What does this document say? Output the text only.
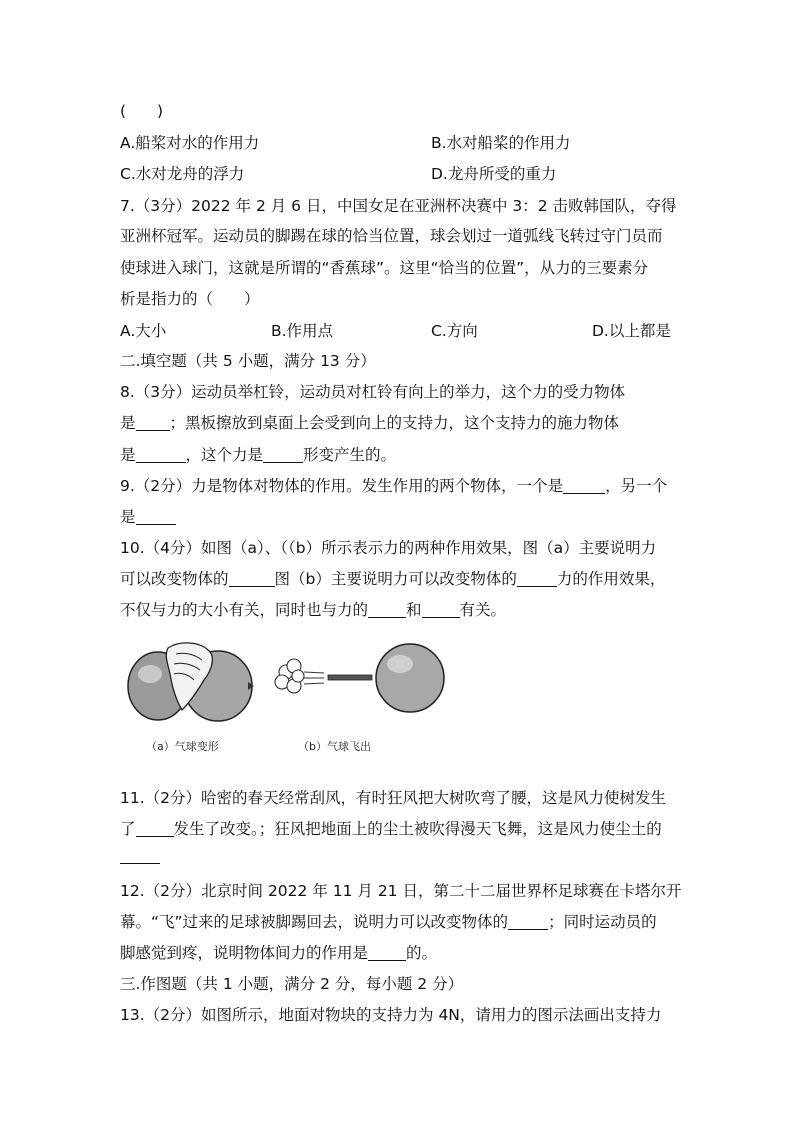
(　　)
A.船桨对水的作用力	B.水对船桨的作用力
C.水对龙舟的浮力	D.龙舟所受的重力
7.（3分）2022 年 2 月 6 日，中国女足在亚洲杯决赛中 3：2 击败韩国队，夺得
亚洲杯冠军。运动员的脚踢在球的恰当位置，球会划过一道弧线飞转过守门员而
使球进入球门，这就是所谓的“香蕉球”。这里“恰当的位置”，从力的三要素分
析是指力的（　　）
A.大小	B.作用点	C.方向	D.以上都是
二.填空题（共 5 小题，满分 13 分）
8.（3分）运动员举杠铃，运动员对杠铃有向上的举力，这个力的受力物体
是 ；黑板擦放到桌面上会受到向上的支持力，这个支持力的施力物体
是	，这个力是	形变产生的。
9.（2分）力是物体对物体的作用。发生作用的两个物体，一个是	，另一个
是
10.（4分）如图（a）、（（b）所示表示力的两种作用效果，图（a）主要说明力
可以改变物体的	图（b）主要说明力可以改变物体的	力的作用效果，
不仅与力的大小有关，同时也与力的 和 有关。
（a）气球变形	（b）气球飞出
11.（2分）哈密的春天经常刮风，有时狂风把大树吹弯了腰，这是风力使树发生
了 发生了改变。；狂风把地面上的尘土被吹得漫天飞舞，这是风力使尘土的
12.（2分）北京时间 2022 年 11 月 21 日，第二十二届世界杯足球赛在卡塔尔开
幕。“飞”过来的足球被脚踢回去，说明力可以改变物体的	；同时运动员的
脚感觉到疼，说明物体间力的作用是 的。
三.作图题（共 1 小题，满分 2 分，每小题 2 分）
13.（2分）如图所示，地面对物块的支持力为 4N，请用力的图示法画出支持力
